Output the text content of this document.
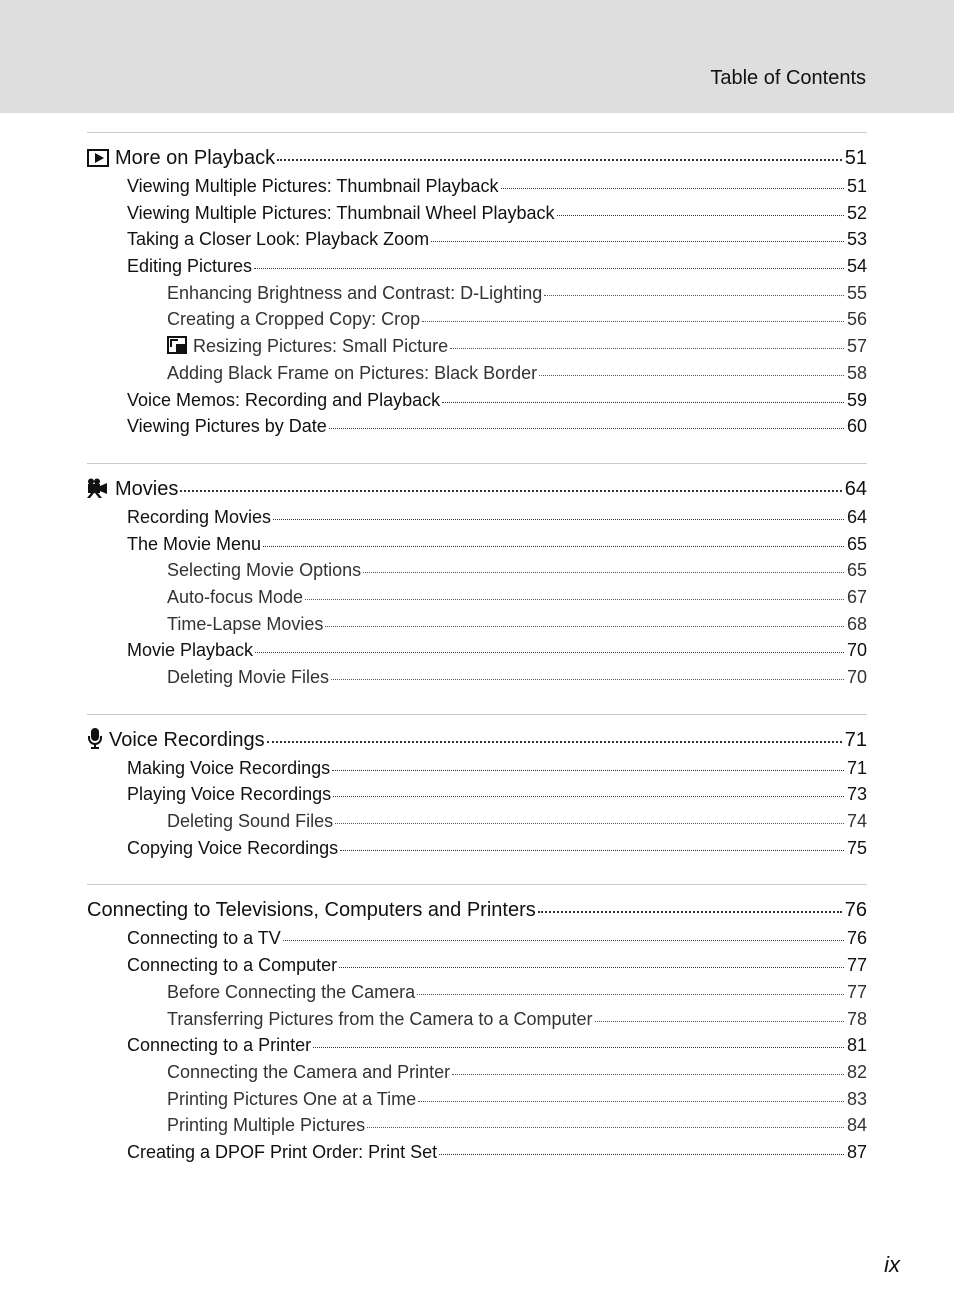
Table of Contents
More on Playback	51
Viewing Multiple Pictures: Thumbnail Playback	51
Viewing Multiple Pictures: Thumbnail Wheel Playback	52
Taking a Closer Look: Playback Zoom	53
Editing Pictures	54
Enhancing Brightness and Contrast: D-Lighting	55
Creating a Cropped Copy: Crop	56
Resizing Pictures: Small Picture	57
Adding Black Frame on Pictures: Black Border	58
Voice Memos: Recording and Playback	59
Viewing Pictures by Date	60
Movies	64
Recording Movies	64
The Movie Menu	65
Selecting Movie Options	65
Auto-focus Mode	67
Time-Lapse Movies	68
Movie Playback	70
Deleting Movie Files	70
Voice Recordings	71
Making Voice Recordings	71
Playing Voice Recordings	73
Deleting Sound Files	74
Copying Voice Recordings	75
Connecting to Televisions, Computers and Printers	76
Connecting to a TV	76
Connecting to a Computer	77
Before Connecting the Camera	77
Transferring Pictures from the Camera to a Computer	78
Connecting to a Printer	81
Connecting the Camera and Printer	82
Printing Pictures One at a Time	83
Printing Multiple Pictures	84
Creating a DPOF Print Order: Print Set	87
ix
